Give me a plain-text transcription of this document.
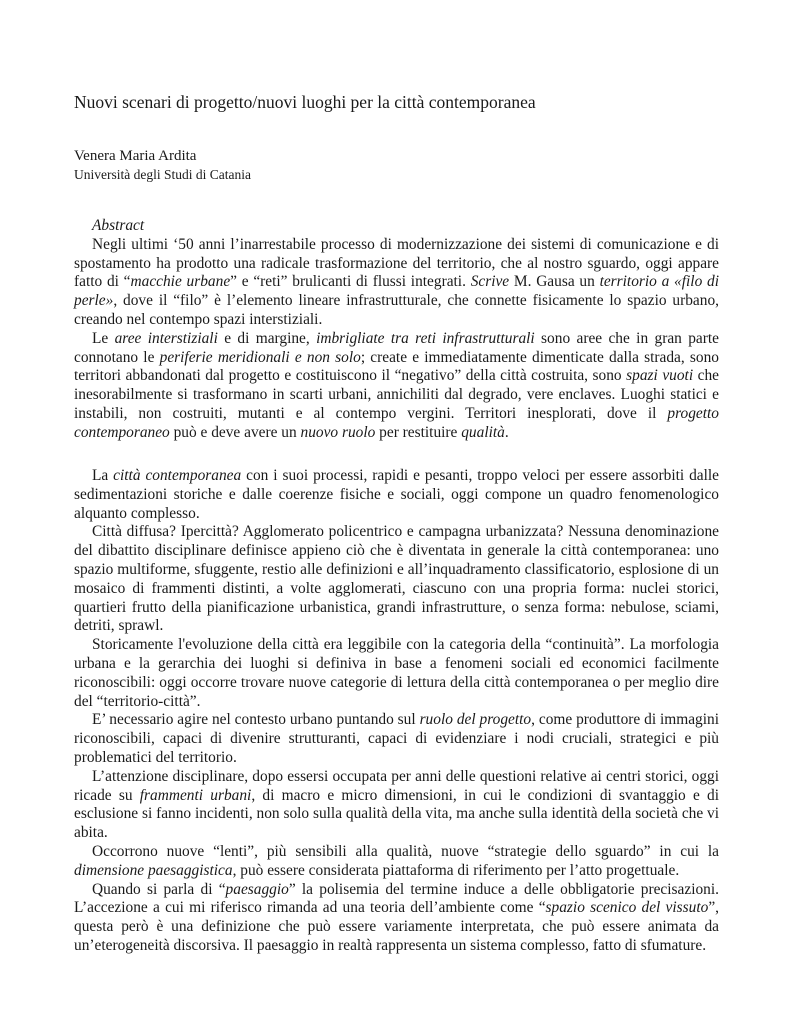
Nuovi scenari di progetto/nuovi luoghi per la città contemporanea
Venera Maria Ardita
Università degli Studi di Catania

Abstract

Negli ultimi ‘50 anni l’inarrestabile processo di modernizzazione dei sistemi di comunicazione e di spostamento ha prodotto una radicale trasformazione del territorio, che al nostro sguardo, oggi appare fatto di “macchie urbane” e “reti” brulicanti di flussi integrati. Scrive M. Gausa un territorio a «filo di perle», dove il “filo” è l’elemento lineare infrastrutturale, che connette fisicamente lo spazio urbano, creando nel contempo spazi interstiziali.

Le aree interstiziali e di margine, imbrigliate tra reti infrastrutturali sono aree che in gran parte connotano le periferie meridionali e non solo; create e immediatamente dimenticate dalla strada, sono territori abbandonati dal progetto e costituiscono il “negativo” della città costruita, sono spazi vuoti che inesorabilmente si trasformano in scarti urbani, annichiliti dal degrado, vere enclaves. Luoghi statici e instabili, non costruiti, mutanti e al contempo vergini. Territori inesplorati, dove il progetto contemporaneo può e deve avere un nuovo ruolo per restituire qualità.

La città contemporanea con i suoi processi, rapidi e pesanti, troppo veloci per essere assorbiti dalle sedimentazioni storiche e dalle coerenze fisiche e sociali, oggi compone un quadro fenomenologico alquanto complesso.

Città diffusa? Ipercittà? Agglomerato policentrico e campagna urbanizzata? Nessuna denominazione del dibattito disciplinare definisce appieno ciò che è diventata in generale la città contemporanea: uno spazio multiforme, sfuggente, restio alle definizioni e all’inquadramento classificatorio, esplosione di un mosaico di frammenti distinti, a volte agglomerati, ciascuno con una propria forma: nuclei storici, quartieri frutto della pianificazione urbanistica, grandi infrastrutture, o senza forma: nebulose, sciami, detriti, sprawl.

Storicamente l'evoluzione della città era leggibile con la categoria della “continuità”. La morfologia urbana e la gerarchia dei luoghi si definiva in base a fenomeni sociali ed economici facilmente riconoscibili: oggi occorre trovare nuove categorie di lettura della città contemporanea o per meglio dire del “territorio-città”.

E’ necessario agire nel contesto urbano puntando sul ruolo del progetto, come produttore di immagini riconoscibili, capaci di divenire strutturanti, capaci di evidenziare i nodi cruciali, strategici e più problematici del territorio.

L’attenzione disciplinare, dopo essersi occupata per anni delle questioni relative ai centri storici, oggi ricade su frammenti urbani, di macro e micro dimensioni, in cui le condizioni di svantaggio e di esclusione si fanno incidenti, non solo sulla qualità della vita, ma anche sulla identità della società che vi abita.

Occorrono nuove “lenti”, più sensibili alla qualità, nuove “strategie dello sguardo” in cui la dimensione paesaggistica, può essere considerata piattaforma di riferimento per l’atto progettuale.

Quando si parla di “paesaggio” la polisemia del termine induce a delle obbligatorie precisazioni. L’accezione a cui mi riferisco rimanda ad una teoria dell’ambiente come “spazio scenico del vissuto”, questa però è una definizione che può essere variamente interpretata, che può essere animata da un’eterogeneità discorsiva. Il paesaggio in realtà rappresenta un sistema complesso, fatto di sfumature.
